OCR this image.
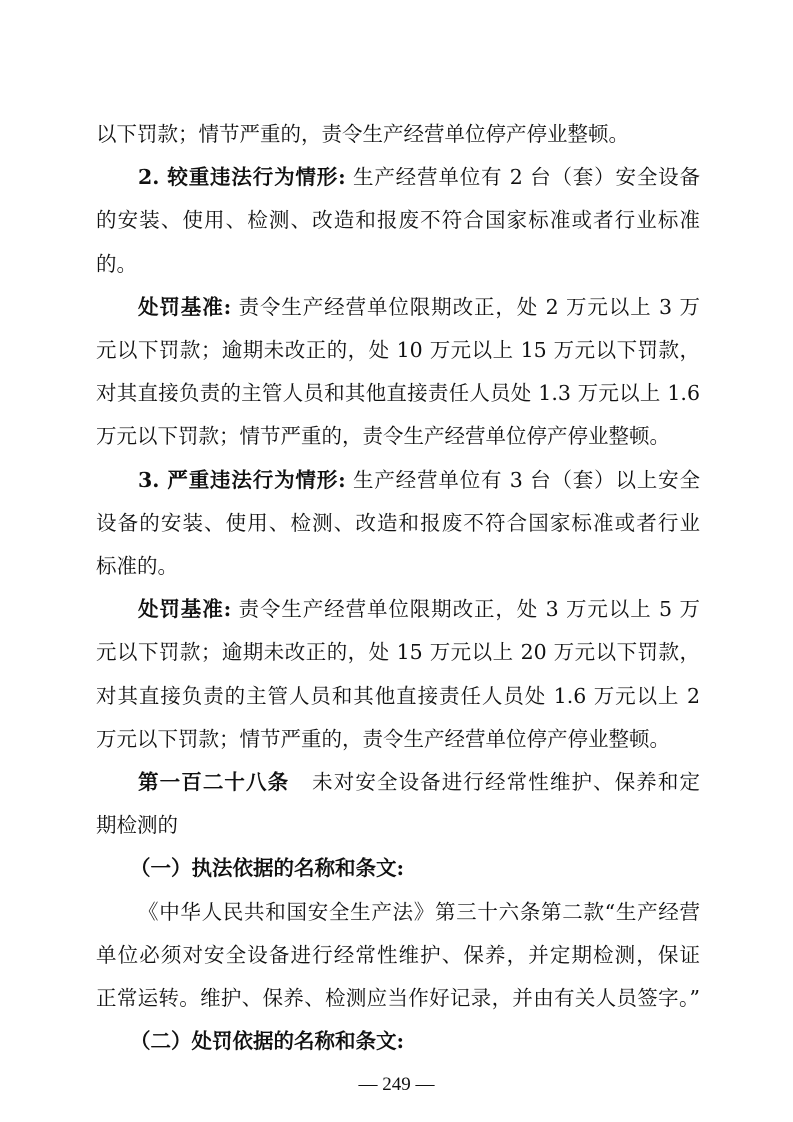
以下罚款；情节严重的，责令生产经营单位停产停业整顿。
2. 较重违法行为情形: 生产经营单位有 2 台（套）安全设备
的安装、使用、检测、改造和报废不符合国家标准或者行业标准
的。
处罚基准: 责令生产经营单位限期改正，处 2 万元以上 3 万
元以下罚款；逾期未改正的，处 10 万元以上 15 万元以下罚款，
对其直接负责的主管人员和其他直接责任人员处 1.3 万元以上 1.6
万元以下罚款；情节严重的，责令生产经营单位停产停业整顿。
3. 严重违法行为情形: 生产经营单位有 3 台（套）以上安全
设备的安装、使用、检测、改造和报废不符合国家标准或者行业
标准的。
处罚基准: 责令生产经营单位限期改正，处 3 万元以上 5 万
元以下罚款；逾期未改正的，处 15 万元以上 20 万元以下罚款，
对其直接负责的主管人员和其他直接责任人员处 1.6 万元以上 2
万元以下罚款；情节严重的，责令生产经营单位停产停业整顿。
第一百二十八条   未对安全设备进行经常性维护、保养和定
期检测的
（一）执法依据的名称和条文:
《中华人民共和国安全生产法》第三十六条第二款“生产经营
单位必须对安全设备进行经常性维护、保养，并定期检测，保证
正常运转。维护、保养、检测应当作好记录，并由有关人员签字。”
（二）处罚依据的名称和条文:
— 249 —
